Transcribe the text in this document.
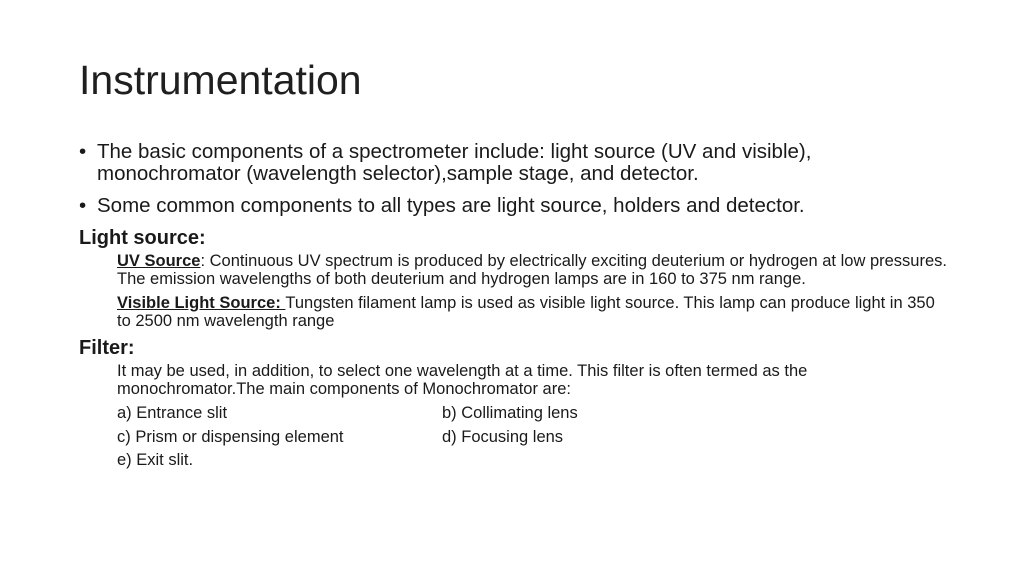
Instrumentation
• The basic components of a spectrometer include: light source (UV and visible), monochromator (wavelength selector),sample stage, and detector.
• Some common components to all types are light source, holders and detector.
Light source:
UV Source: Continuous UV spectrum is produced by electrically exciting deuterium or hydrogen at low pressures. The emission wavelengths of both deuterium and hydrogen lamps are in 160 to 375 nm range.
Visible Light Source: Tungsten filament lamp is used as visible light source. This lamp can produce light in 350 to 2500 nm wavelength range
Filter:
It may be used, in addition, to select one wavelength at a time. This filter is often termed as the monochromator.The main components of Monochromator are:
a) Entrance slit	b) Collimating lens
c) Prism or dispensing element	d) Focusing lens
e) Exit slit.
